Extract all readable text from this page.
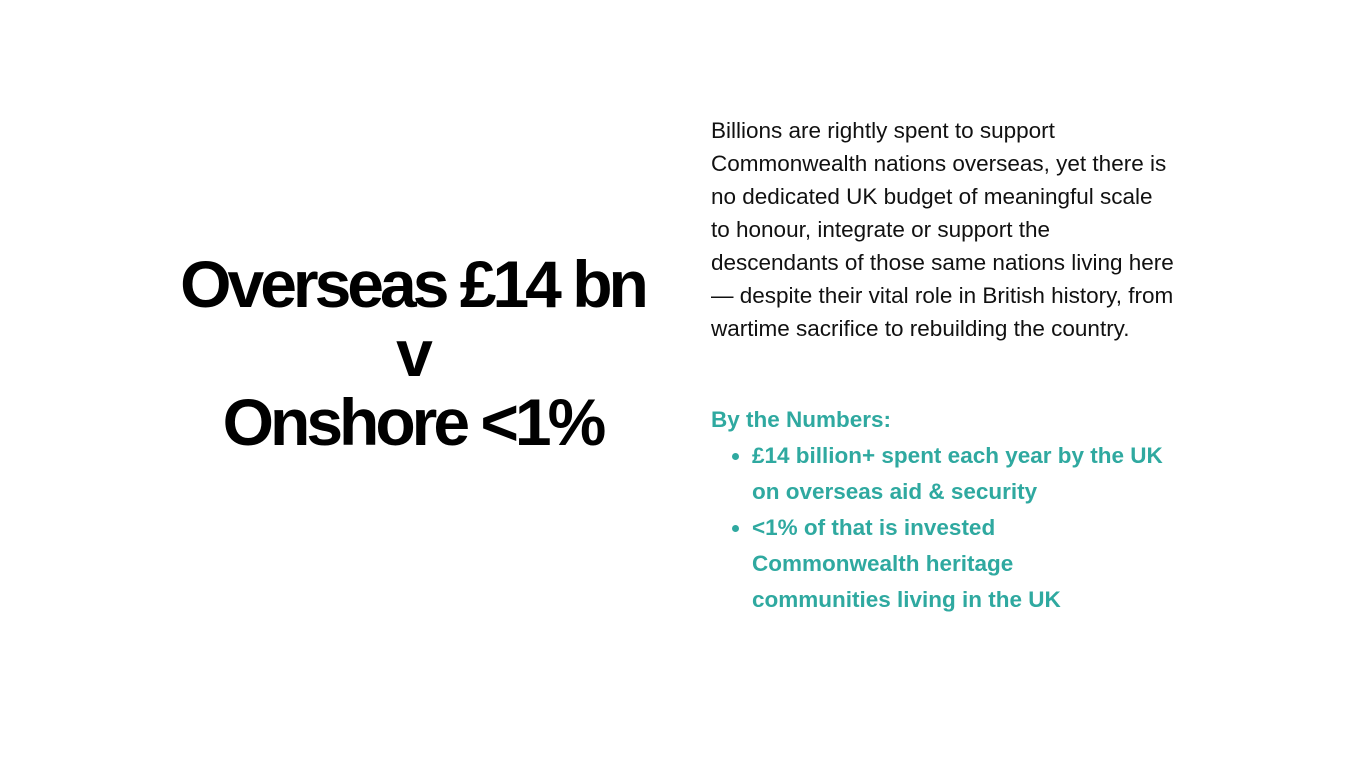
Overseas £14 bn
v
Onshore <1%

Billions are rightly spent to support
Commonwealth nations overseas, yet there is
no dedicated UK budget of meaningful scale
to honour, integrate or support the
descendants of those same nations living here
— despite their vital role in British history, from
wartime sacrifice to rebuilding the country.

By the Numbers:

• £14 billion+ spent each year by the UK
on overseas aid & security
• <1% of that is invested
Commonwealth heritage
communities living in the UK
